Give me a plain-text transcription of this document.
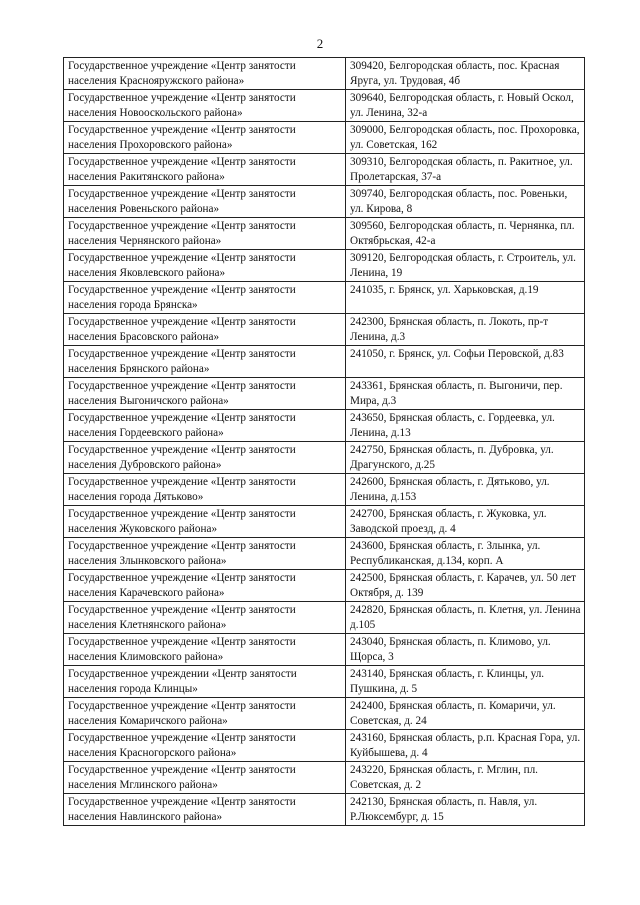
2
Государственное учреждение «Центр занятости населения Краснояружского района»	309420, Белгородская область, пос. Красная Яруга, ул. Трудовая, 4б
Государственное учреждение «Центр занятости населения Новооскольского района»	309640, Белгородская область, г. Новый Оскол, ул. Ленина, 32-а
Государственное учреждение «Центр занятости населения Прохоровского района»	309000, Белгородская область, пос. Прохоровка, ул. Советская, 162
Государственное учреждение «Центр занятости населения Ракитянского района»	309310, Белгородская область, п. Ракитное, ул. Пролетарская, 37-а
Государственное учреждение «Центр занятости населения Ровеньского района»	309740, Белгородская область, пос. Ровеньки, ул. Кирова, 8
Государственное учреждение «Центр занятости населения Чернянского района»	309560, Белгородская область, п. Чернянка, пл. Октябрьская, 42-а
Государственное учреждение «Центр занятости населения Яковлевского района»	309120, Белгородская область, г. Строитель, ул. Ленина, 19
Государственное учреждение «Центр занятости населения города Брянска»	241035, г. Брянск, ул. Харьковская, д.19
Государственное учреждение «Центр занятости населения Брасовского района»	242300, Брянская область, п. Локоть, пр-т Ленина, д.3
Государственное учреждение «Центр занятости населения Брянского района»	241050, г. Брянск, ул. Софьи Перовской, д.83
Государственное учреждение «Центр занятости населения Выгоничского района»	243361, Брянская область, п. Выгоничи, пер. Мира, д.3
Государственное учреждение «Центр занятости населения Гордеевского района»	243650, Брянская область, с. Гордеевка, ул. Ленина, д.13
Государственное учреждение «Центр занятости населения Дубровского района»	242750, Брянская область, п. Дубровка, ул. Драгунского, д.25
Государственное учреждение «Центр занятости населения города Дятьково»	242600, Брянская область, г. Дятьково, ул. Ленина, д.153
Государственное учреждение «Центр занятости населения Жуковского района»	242700, Брянская область, г. Жуковка, ул. Заводской проезд, д. 4
Государственное учреждение «Центр занятости населения Злынковского района»	243600, Брянская область, г. Злынка, ул. Республиканская, д.134, корп. А
Государственное учреждение «Центр занятости населения Карачевского района»	242500, Брянская область, г. Карачев, ул. 50 лет Октября, д. 139
Государственное учреждение «Центр занятости населения Клетнянского района»	242820, Брянская область, п. Клетня, ул. Ленина д.105
Государственное учреждение «Центр занятости населения Климовского района»	243040, Брянская область, п. Климово, ул. Щорса, 3
Государственное учреждении «Центр занятости населения города Клинцы»	243140, Брянская область, г. Клинцы, ул. Пушкина, д. 5
Государственное учреждение «Центр занятости населения Комаричского района»	242400, Брянская область, п. Комаричи, ул. Советская, д. 24
Государственное учреждение «Центр занятости населения Красногорского района»	243160, Брянская область, р.п. Красная Гора, ул. Куйбышева, д. 4
Государственное учреждение «Центр занятости населения Мглинского района»	243220, Брянская область, г. Мглин, пл. Советская, д. 2
Государственное учреждение «Центр занятости населения Навлинского района»	242130, Брянская область, п. Навля, ул. Р.Люксембург, д. 15
